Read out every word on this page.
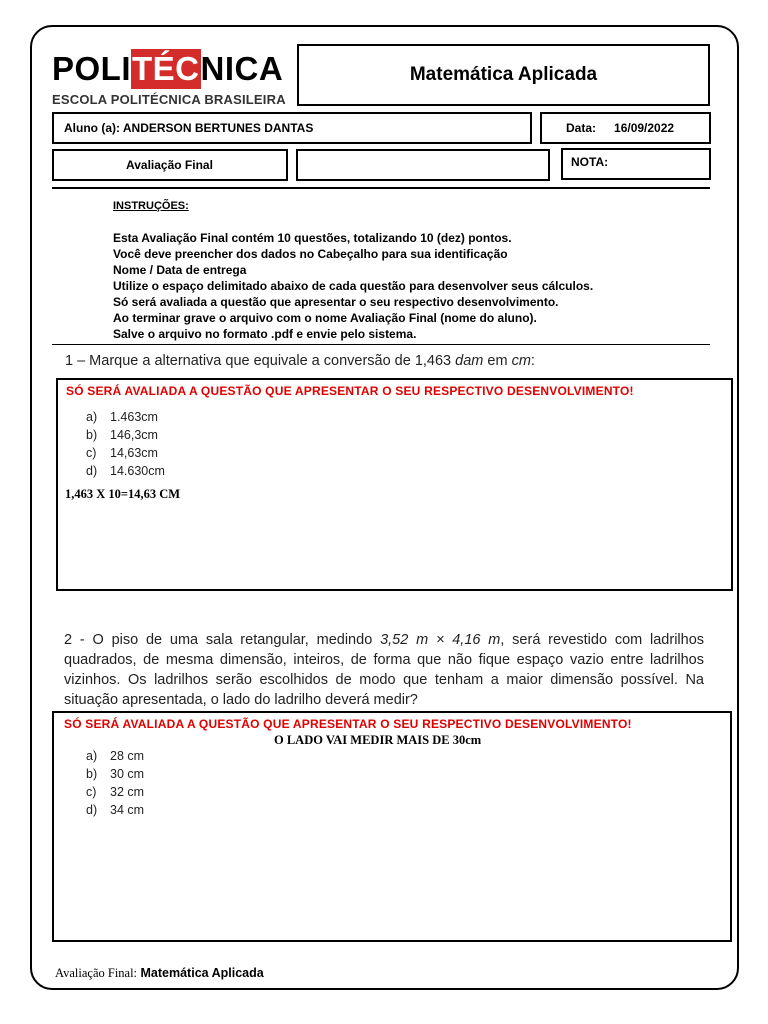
POLI TÉC NICA
ESCOLA POLITÉCNICA BRASILEIRA
Matemática Aplicada
Aluno (a): ANDERSON BERTUNES DANTAS	Data: 16/09/2022
Avaliação Final	NOTA:
INSTRUÇÕES:
Esta Avaliação Final contém 10 questões, totalizando 10 (dez) pontos.
Você deve preencher dos dados no Cabeçalho para sua identificação
Nome / Data de entrega
Utilize o espaço delimitado abaixo de cada questão para desenvolver seus cálculos.
Só será avaliada a questão que apresentar o seu respectivo desenvolvimento.
Ao terminar grave o arquivo com o nome Avaliação Final (nome do aluno).
Salve o arquivo no formato .pdf e envie pelo sistema.
1 – Marque a alternativa que equivale a conversão de 1,463 dam em cm:
SÓ SERÁ AVALIADA A QUESTÃO QUE APRESENTAR O SEU RESPECTIVO DESENVOLVIMENTO!
a)	1.463cm
b)	146,3cm
c)	14,63cm
d)	14.630cm
1,463 X 10=14,63 CM
2 - O piso de uma sala retangular, medindo 3,52 m × 4,16 m, será revestido com ladrilhos quadrados, de mesma dimensão, inteiros, de forma que não fique espaço vazio entre ladrilhos vizinhos. Os ladrilhos serão escolhidos de modo que tenham a maior dimensão possível. Na situação apresentada, o lado do ladrilho deverá medir?
SÓ SERÁ AVALIADA A QUESTÃO QUE APRESENTAR O SEU RESPECTIVO DESENVOLVIMENTO!
O LADO VAI MEDIR MAIS DE 30cm
a)	28 cm
b)	30 cm
c)	32 cm
d)	34 cm
Avaliação Final: Matemática Aplicada
